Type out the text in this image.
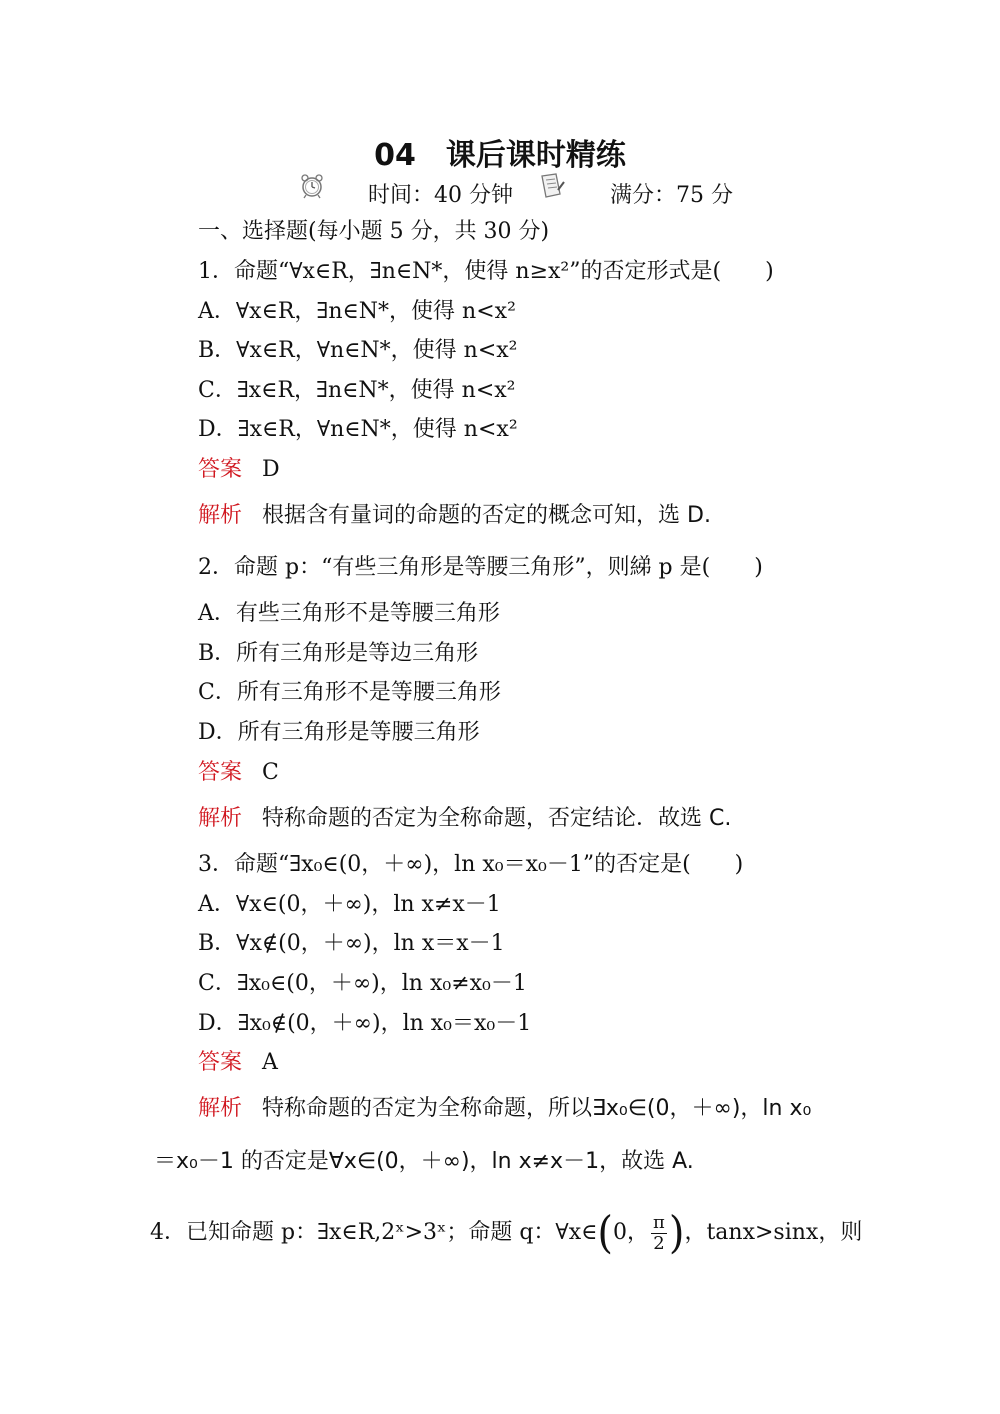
04　课后课时精练
时间：40 分钟	满分：75 分
一、选择题(每小题 5 分，共 30 分)
1．命题“∀x∈R，∃n∈N*，使得 n≥x²”的否定形式是(　　)
A．∀x∈R，∃n∈N*，使得 n<x²
B．∀x∈R，∀n∈N*，使得 n<x²
C．∃x∈R，∃n∈N*，使得 n<x²
D．∃x∈R，∀n∈N*，使得 n<x²
答案 D
解析 根据含有量词的命题的否定的概念可知，选 D.
2．命题 p：“有些三角形是等腰三角形”，则綈 p 是(　　)
A．有些三角形不是等腰三角形
B．所有三角形是等边三角形
C．所有三角形不是等腰三角形
D．所有三角形是等腰三角形
答案 C
解析 特称命题的否定为全称命题，否定结论．故选 C.
3．命题“∃x₀∈(0，＋∞)，ln x₀＝x₀－1”的否定是(　　)
A．∀x∈(0，＋∞)，ln x≠x－1
B．∀x∉(0，＋∞)，ln x＝x－1
C．∃x₀∈(0，＋∞)，ln x₀≠x₀－1
D．∃x₀∉(0，＋∞)，ln x₀＝x₀－1
答案 A
解析 特称命题的否定为全称命题，所以∃x₀∈(0，＋∞)，ln x₀
＝x₀－1 的否定是∀x∈(0，＋∞)，ln x≠x－1，故选 A.
4．已知命题 p：∃x∈R,2ˣ>3ˣ；命题 q：∀x∈(0， $\frac{\pi}{2}$ )，tanx>sinx，则
